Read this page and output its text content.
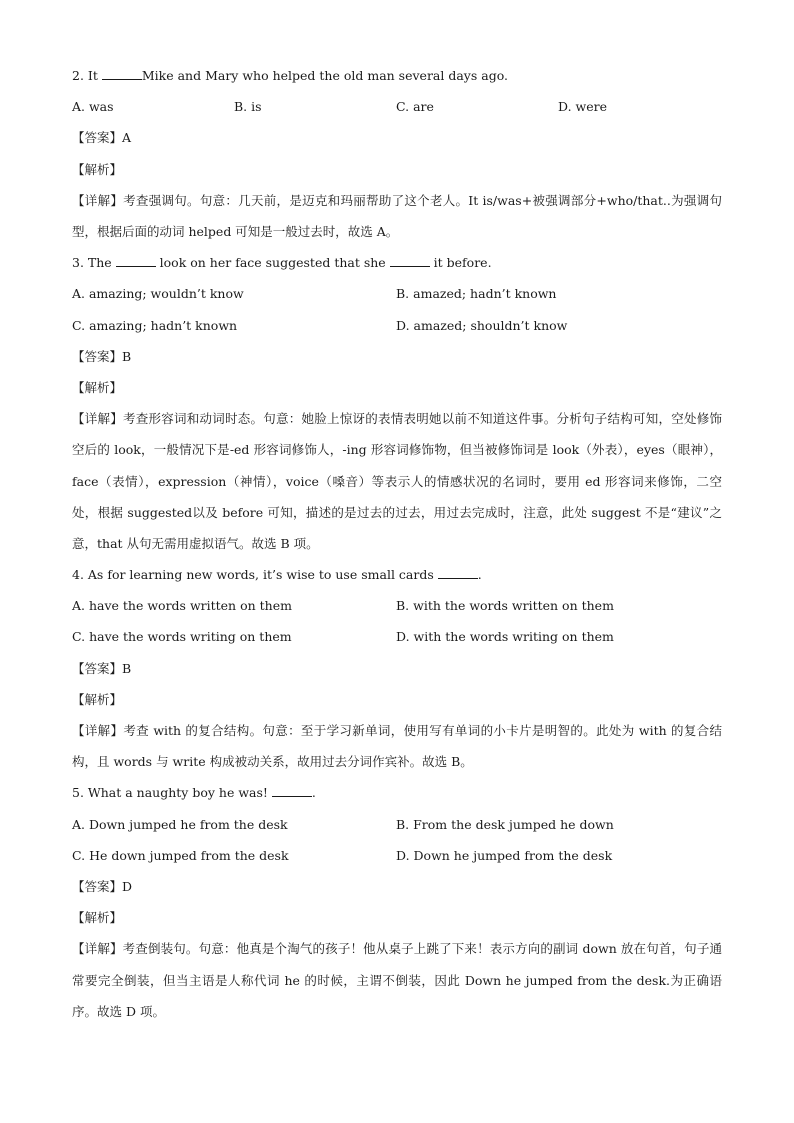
2. It	Mike and Mary who helped the old man several days ago.
A. was	B. is	C. are	D. were
【答案】A
【解析】
【详解】考查强调句。句意：几天前，是迈克和玛丽帮助了这个老人。It is/was+被强调部分+who/that..为强调句型，根据后面的动词 helped 可知是一般过去时，故选 A。
3. The	look on her face suggested that she	it before.
A. amazing; wouldn’t know	B. amazed; hadn’t known
C. amazing; hadn’t known	D. amazed; shouldn’t know
【答案】B
【解析】
【详解】考查形容词和动词时态。句意：她脸上惊讶的表情表明她以前不知道这件事。分析句子结构可知，空处修饰空后的 look，一般情况下是-ed 形容词修饰人，-ing 形容词修饰物，但当被修饰词是 look（外表），eyes（眼神），face（表情），expression（神情），voice（嗓音）等表示人的情感状况的名词时，要用 ed 形容词来修饰，二空处，根据 suggested以及 before 可知，描述的是过去的过去，用过去完成时，注意，此处 suggest 不是“建议”之意，that 从句无需用虚拟语气。故选 B 项。
4. As for learning new words, it’s wise to use small cards	.
A. have the words written on them	B. with the words written on them
C. have the words writing on them	D. with the words writing on them
【答案】B
【解析】
【详解】考查 with 的复合结构。句意：至于学习新单词，使用写有单词的小卡片是明智的。此处为 with 的复合结构，且 words 与 write 构成被动关系，故用过去分词作宾补。故选 B。
5. What a naughty boy he was!	.
A. Down jumped he from the desk	B. From the desk jumped he down
C. He down jumped from the desk	D. Down he jumped from the desk
【答案】D
【解析】
【详解】考查倒装句。句意：他真是个淘气的孩子！他从桌子上跳了下来！表示方向的副词 down 放在句首，句子通常要完全倒装，但当主语是人称代词 he 的时候，主谓不倒装，因此 Down he jumped from the desk.为正确语序。故选 D 项。
